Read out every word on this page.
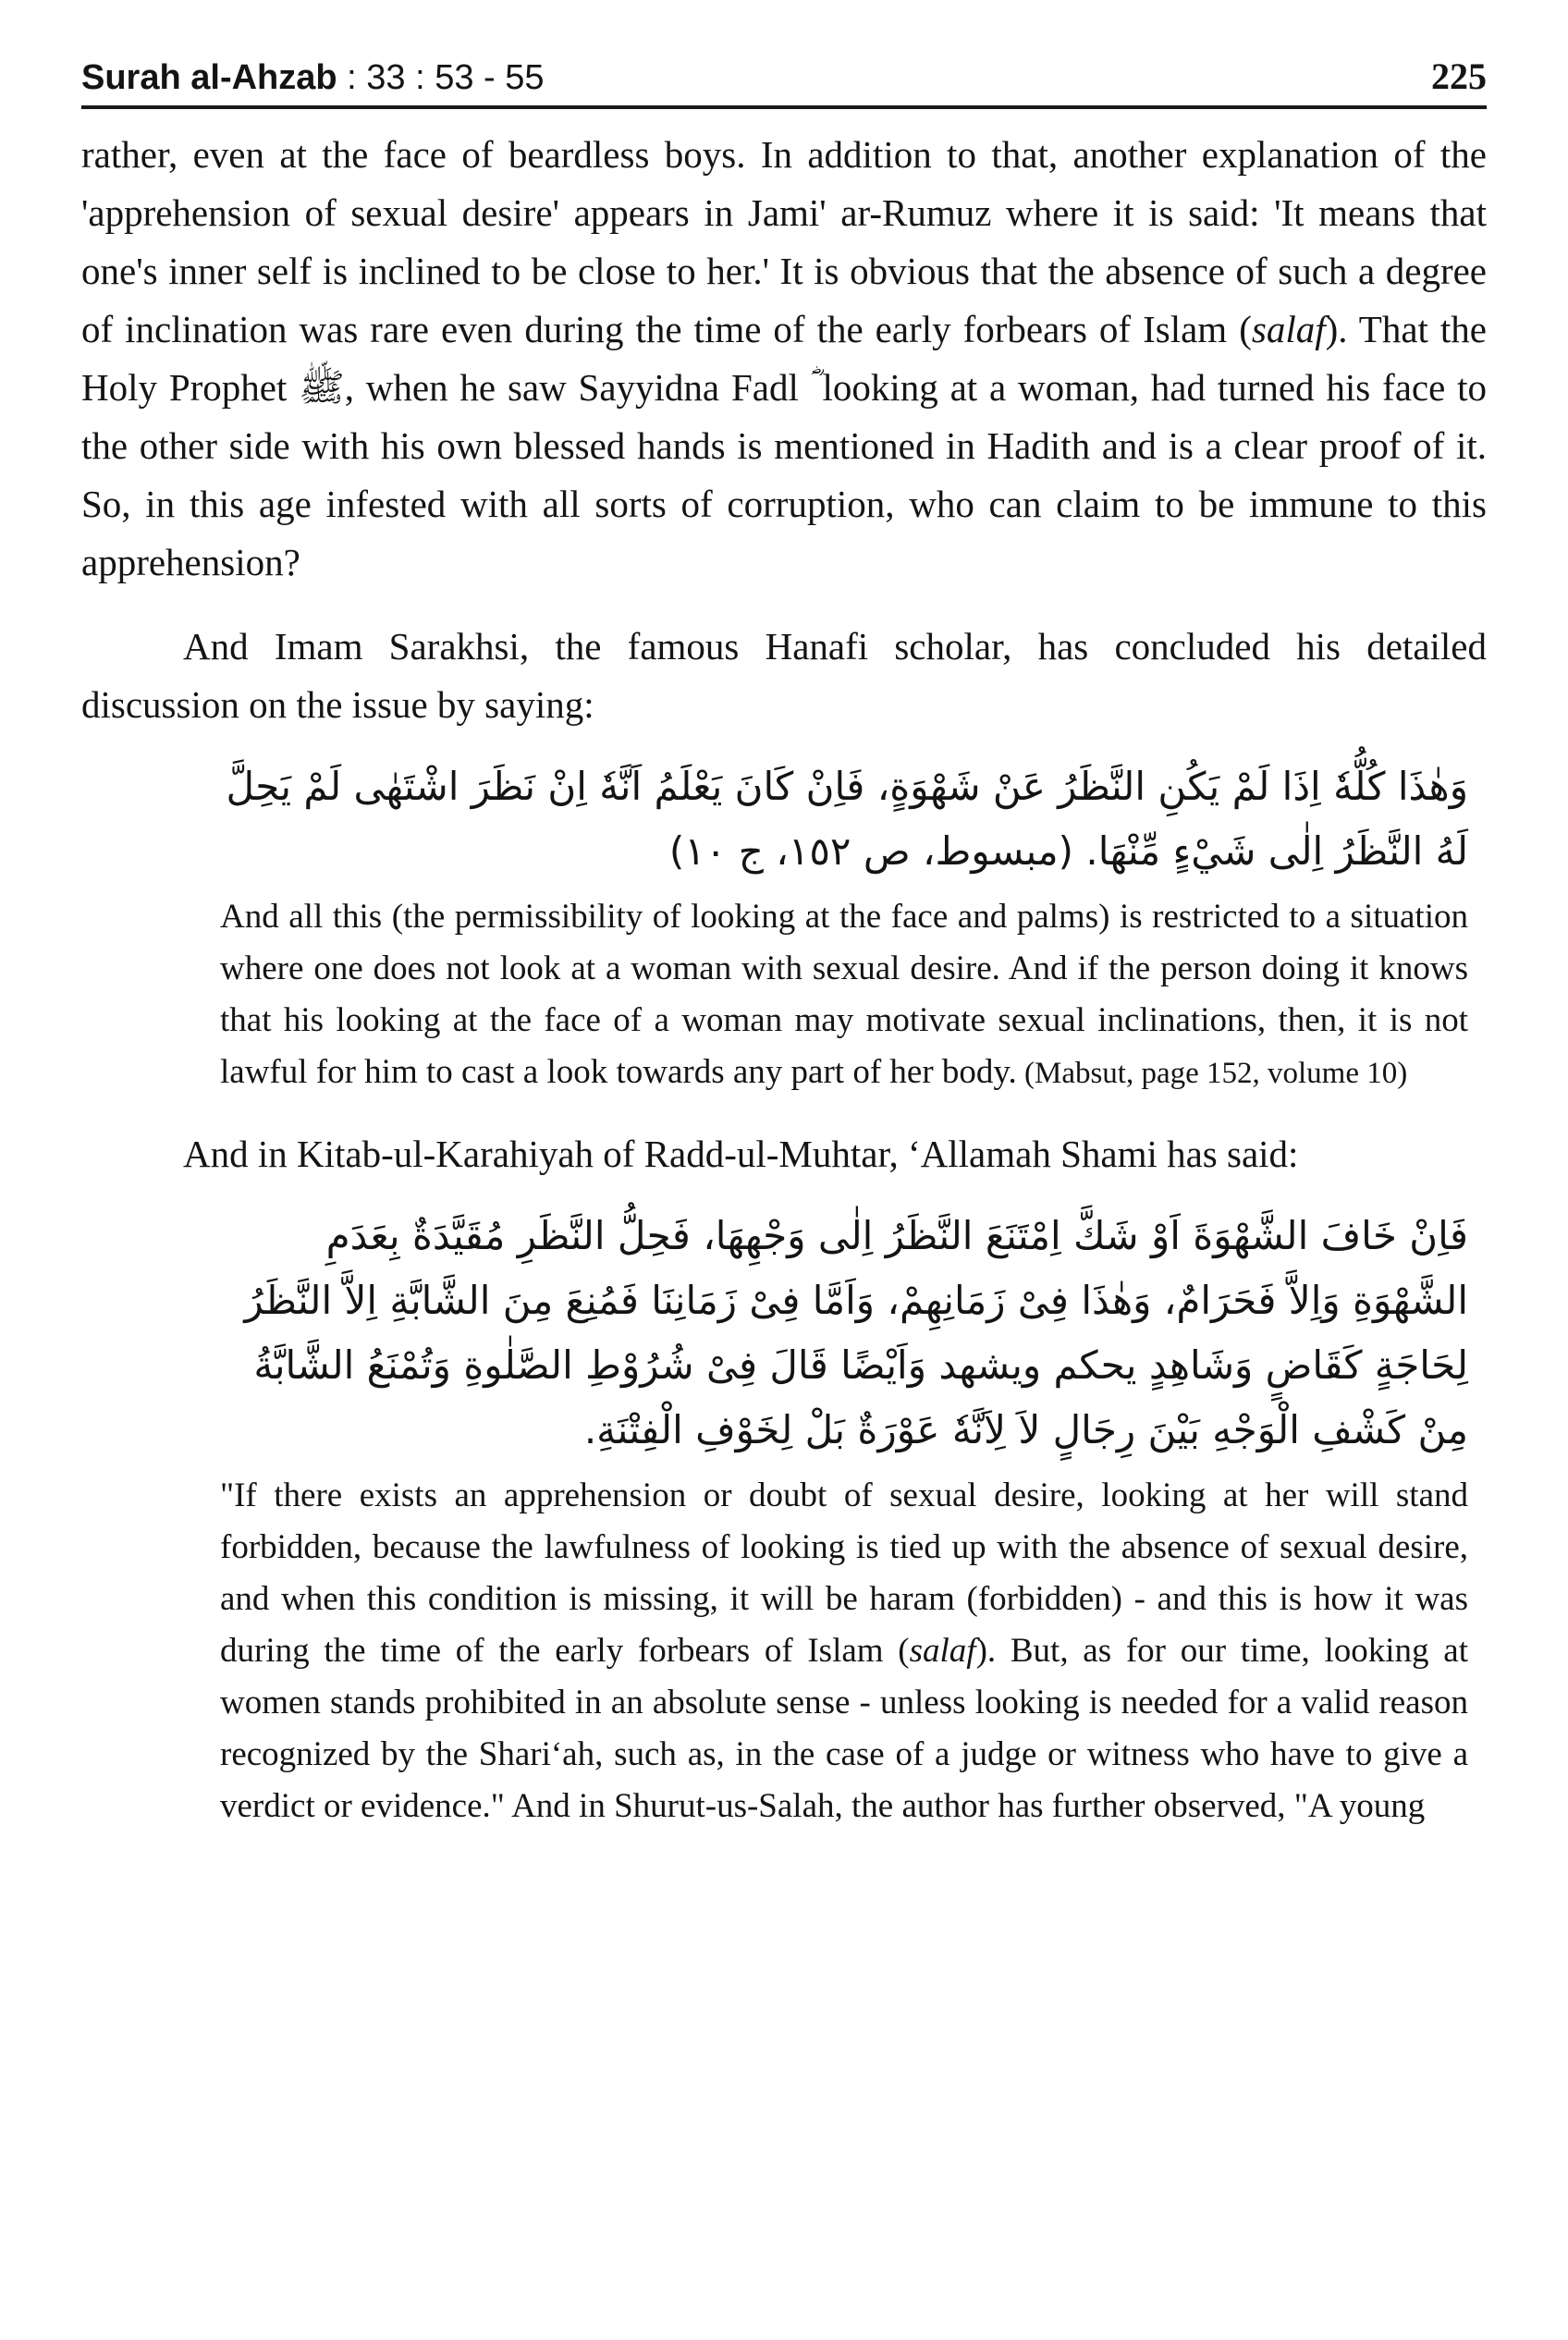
Surah al-Ahzab : 33 : 53 - 55	225

rather, even at the face of beardless boys. In addition to that, another explanation of the 'apprehension of sexual desire' appears in Jami' ar-Rumuz where it is said: 'It means that one's inner self is inclined to be close to her.' It is obvious that the absence of such a degree of inclination was rare even during the time of the early forbears of Islam (salaf). That the Holy Prophet ﷺ, when he saw Sayyidna Fadl ؓ looking at a woman, had turned his face to the other side with his own blessed hands is mentioned in Hadith and is a clear proof of it. So, in this age infested with all sorts of corruption, who can claim to be immune to this apprehension?

And Imam Sarakhsi, the famous Hanafi scholar, has concluded his detailed discussion on the issue by saying:

وَهٰذَا كُلُّهٗ اِذَا لَمْ يَكُنِ النَّظَرُ عَنْ شَهْوَةٍ، فَاِنْ كَانَ يَعْلَمُ اَنَّهٗ اِنْ نَظَرَ اشْتَهٰى لَمْ يَحِلَّ لَهُ النَّظَرُ اِلٰى شَيْءٍ مِّنْهَا. (مبسوط، ص ١٥٢، ج ١٠)

And all this (the permissibility of looking at the face and palms) is restricted to a situation where one does not look at a woman with sexual desire. And if the person doing it knows that his looking at the face of a woman may motivate sexual inclinations, then, it is not lawful for him to cast a look towards any part of her body. (Mabsut, page 152, volume 10)

And in Kitab-ul-Karahiyah of Radd-ul-Muhtar, ‘Allamah Shami has said:

فَاِنْ خَافَ الشَّهْوَةَ اَوْ شَكَّ اِمْتَنَعَ النَّظَرُ اِلٰى وَجْهِهَا، فَحِلُّ النَّظَرِ مُقَيَّدَةٌ بِعَدَمِ الشَّهْوَةِ وَاِلاَّ فَحَرَامٌ، وَهٰذَا فِىْ زَمَانِهِمْ، وَاَمَّا فِىْ زَمَانِنَا فَمُنِعَ مِنَ الشَّابَّةِ اِلاَّ النَّظَرُ لِحَاجَةٍ كَقَاضٍ وَشَاهِدٍ يحكم ويشهد وَاَيْضًا قَالَ فِىْ شُرُوْطِ الصَّلٰوةِ وَتُمْنَعُ الشَّابَّةُ مِنْ كَشْفِ الْوَجْهِ بَيْنَ رِجَالٍ لاَ لِاَنَّهٗ عَوْرَةٌ بَلْ لِخَوْفِ الْفِتْنَةِ.

"If there exists an apprehension or doubt of sexual desire, looking at her will stand forbidden, because the lawfulness of looking is tied up with the absence of sexual desire, and when this condition is missing, it will be haram (forbidden) - and this is how it was during the time of the early forbears of Islam (salaf). But, as for our time, looking at women stands prohibited in an absolute sense - unless looking is needed for a valid reason recognized by the Shari‘ah, such as, in the case of a judge or witness who have to give a verdict or evidence." And in Shurut-us-Salah, the author has further observed, "A young
